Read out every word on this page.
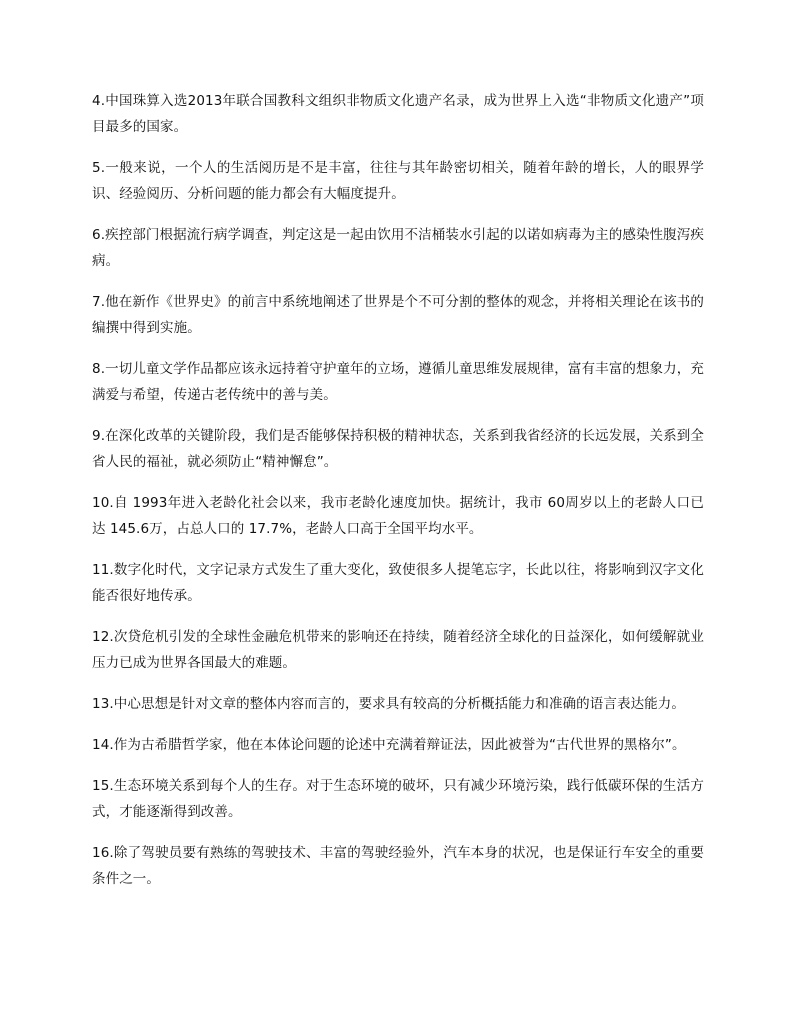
4.中国珠算入选2013年联合国教科文组织非物质文化遗产名录，成为世界上入选“非物质文化遗产”项目最多的国家。

5.一般来说，一个人的生活阅历是不是丰富，往往与其年龄密切相关，随着年龄的增长，人的眼界学识、经验阅历、分析问题的能力都会有大幅度提升。

6.疾控部门根据流行病学调查，判定这是一起由饮用不洁桶装水引起的以诺如病毒为主的感染性腹泻疾病。

7.他在新作《世界史》的前言中系统地阐述了世界是个不可分割的整体的观念，并将相关理论在该书的编撰中得到实施。

8.一切儿童文学作品都应该永远持着守护童年的立场，遵循儿童思维发展规律，富有丰富的想象力，充满爱与希望，传递古老传统中的善与美。

9.在深化改革的关键阶段，我们是否能够保持积极的精神状态，关系到我省经济的长远发展，关系到全省人民的福祉，就必须防止“精神懈怠”。

10.自 1993年进入老龄化社会以来，我市老龄化速度加快。据统计，我市 60周岁以上的老龄人口已达 145.6万，占总人口的 17.7%，老龄人口高于全国平均水平。

11.数字化时代，文字记录方式发生了重大变化，致使很多人提笔忘字，长此以往，将影响到汉字文化能否很好地传承。

12.次贷危机引发的全球性金融危机带来的影响还在持续，随着经济全球化的日益深化，如何缓解就业压力已成为世界各国最大的难题。

13.中心思想是针对文章的整体内容而言的，要求具有较高的分析概括能力和准确的语言表达能力。

14.作为古希腊哲学家，他在本体论问题的论述中充满着辩证法，因此被誉为“古代世界的黑格尔”。

15.生态环境关系到每个人的生存。对于生态环境的破坏，只有减少环境污染，践行低碳环保的生活方式，才能逐渐得到改善。

16.除了驾驶员要有熟练的驾驶技术、丰富的驾驶经验外，汽车本身的状况，也是保证行车安全的重要条件之一。
